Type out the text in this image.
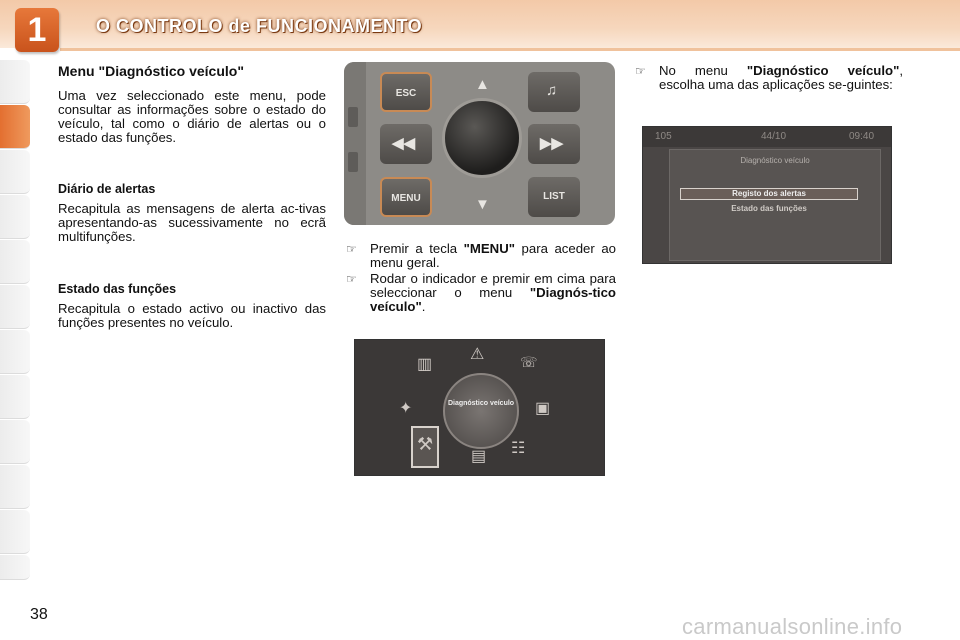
1	O CONTROLO de FUNCIONAMENTO
Menu "Diagnóstico veículo"

Uma vez seleccionado este menu, pode consultar as informações sobre o estado do veículo, tal como o diário de alertas ou o estado das funções.

Diário de alertas

Recapitula as mensagens de alerta ac-tivas apresentando-as sucessivamente no ecrã multifunções.

Estado das funções

Recapitula o estado activo ou inactivo das funções presentes no veículo.

ESC
MENU	LIST
♫
◀◀	▶▶
▲
▼
☞ Premir a tecla "MENU" para aceder ao menu geral.
☞ Rodar o indicador e premir em cima para seleccionar o menu "Diagnós-tico veículo".
☞ No menu "Diagnóstico veículo", escolha uma das aplicações se-guintes:
105	44/10	09:40
Diagnóstico veículo
Registo dos alertas
Estado das funções
Diagnóstico veículo
⚒
⚠
▥	☏
✦	▣
▤ ☷
38	carmanualsonline.info
